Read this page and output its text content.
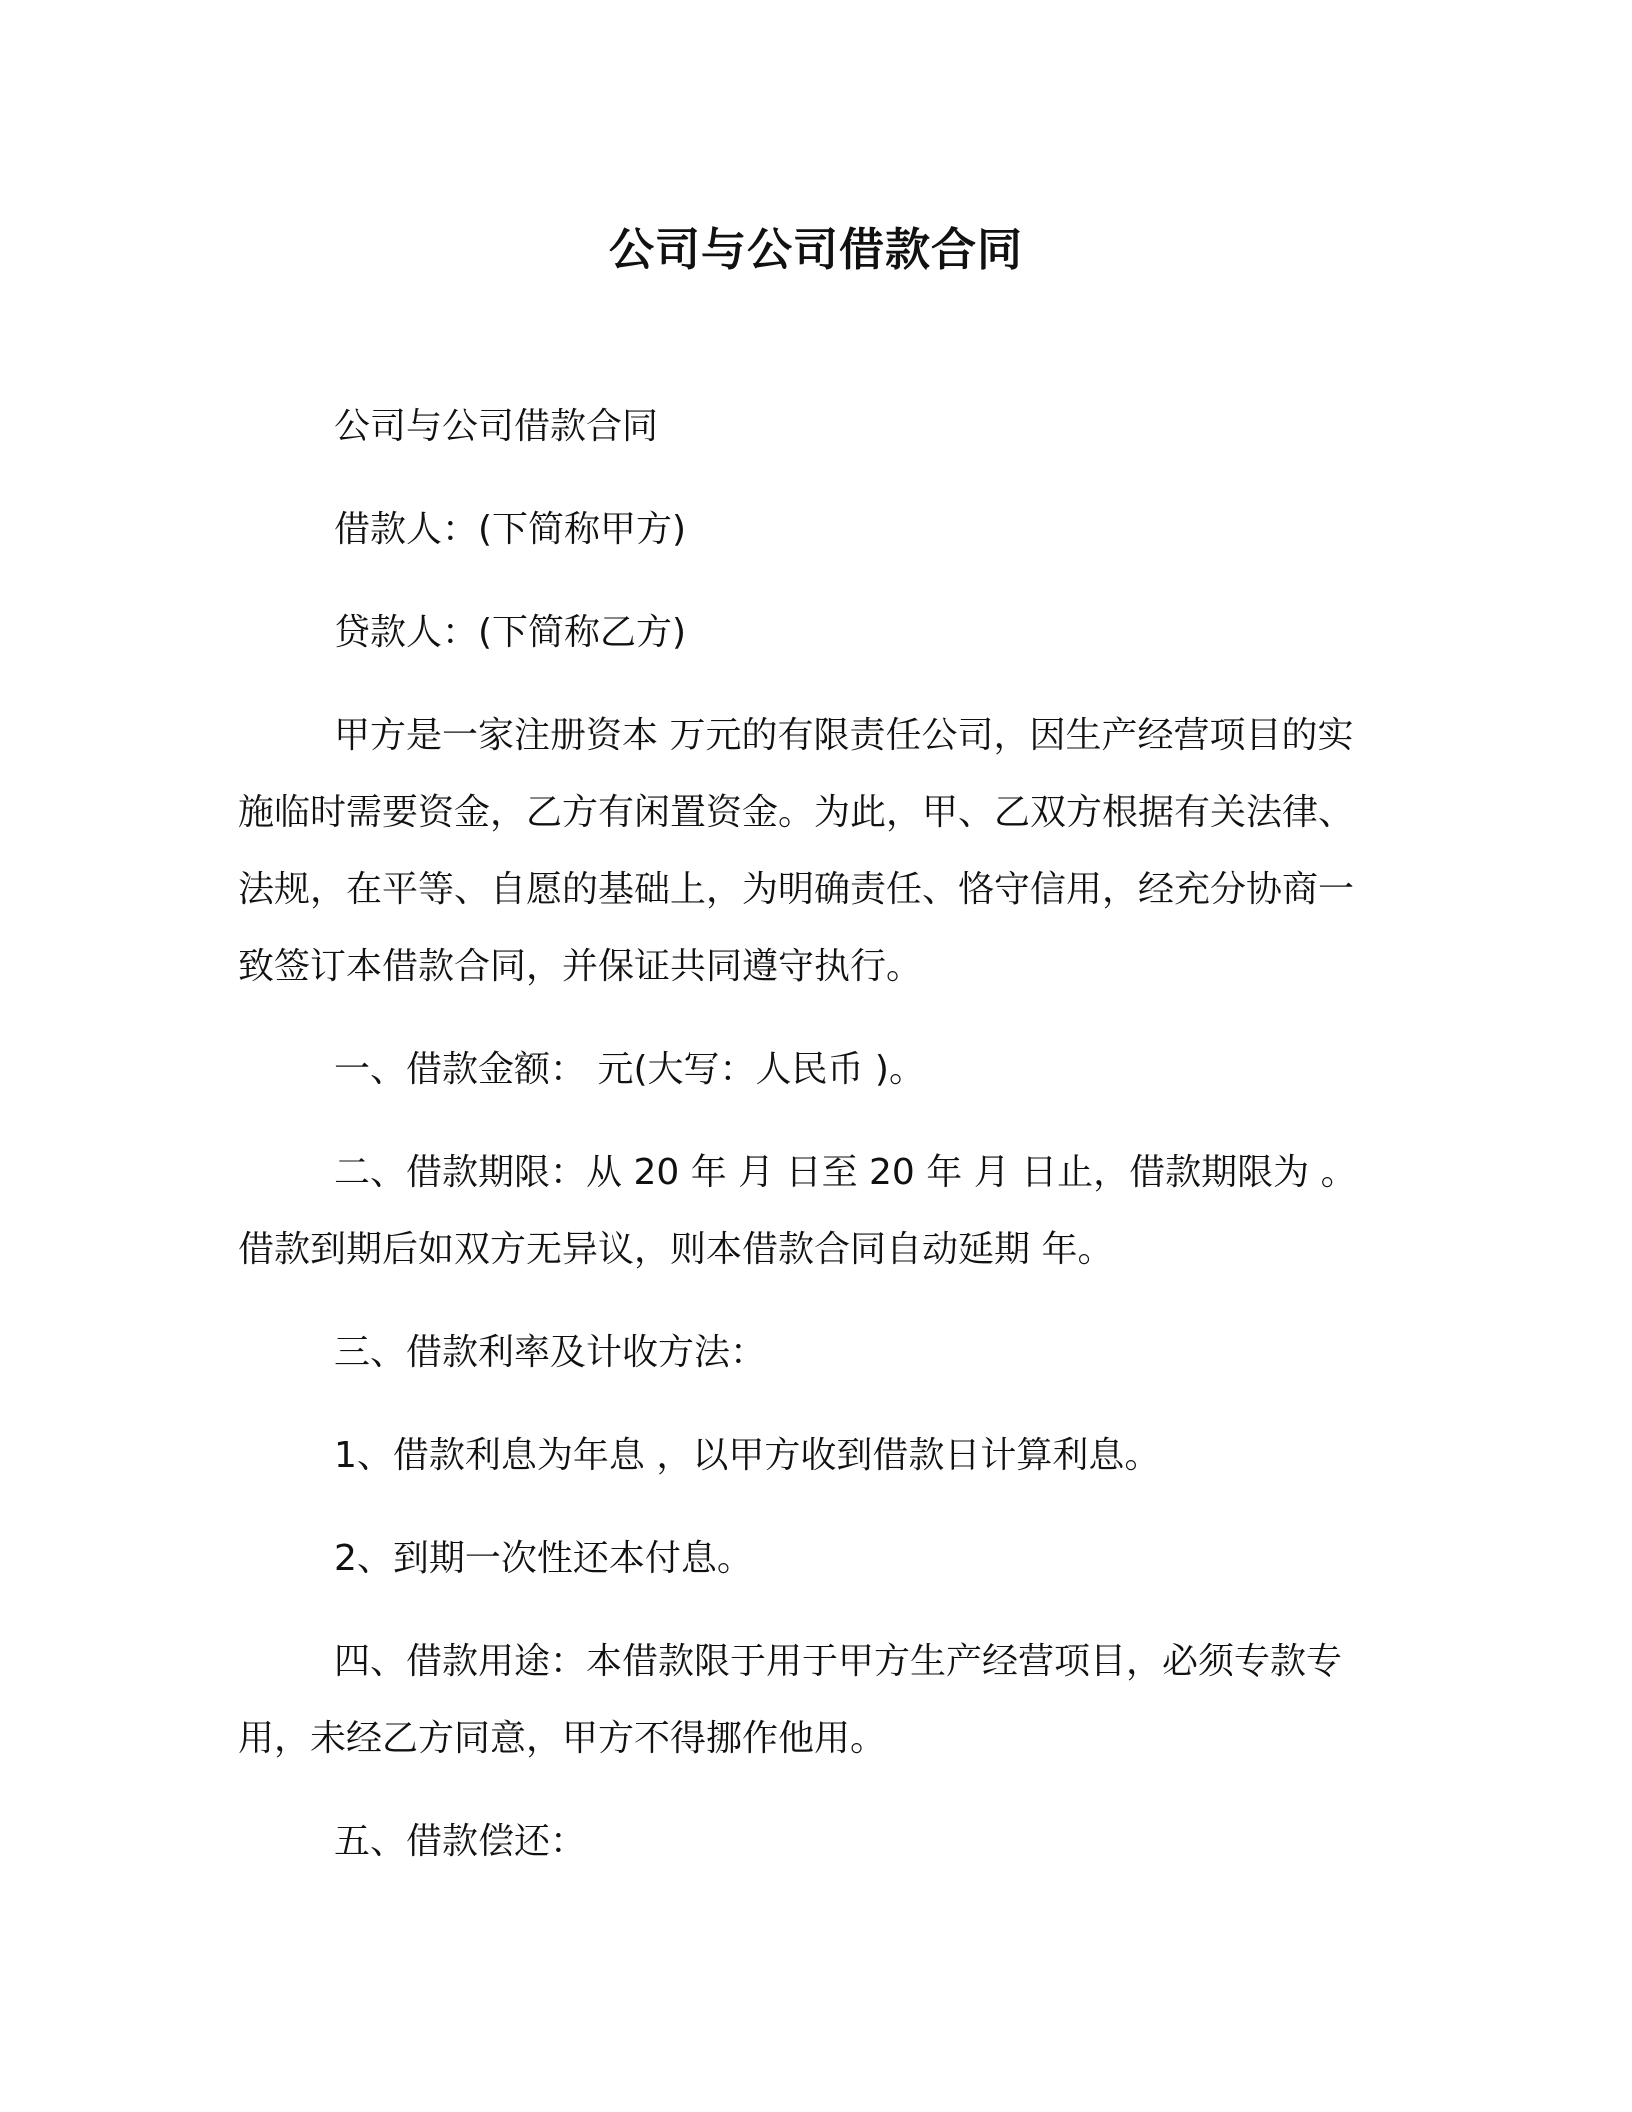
公司与公司借款合同

公司与公司借款合同

借款人：(下简称甲方)

贷款人：(下简称乙方)

甲方是一家注册资本 万元的有限责任公司，因生产经营项目的实施临时需要资金，乙方有闲置资金。为此，甲、乙双方根据有关法律、法规，在平等、自愿的基础上，为明确责任、恪守信用，经充分协商一致签订本借款合同，并保证共同遵守执行。

一、借款金额： 元(大写：人民币 )。

二、借款期限：从 20 年 月 日至 20 年 月 日止，借款期限为 。借款到期后如双方无异议，则本借款合同自动延期 年。

三、借款利率及计收方法：

1、借款利息为年息 ，以甲方收到借款日计算利息。

2、到期一次性还本付息。

四、借款用途：本借款限于用于甲方生产经营项目，必须专款专用，未经乙方同意，甲方不得挪作他用。

五、借款偿还：
